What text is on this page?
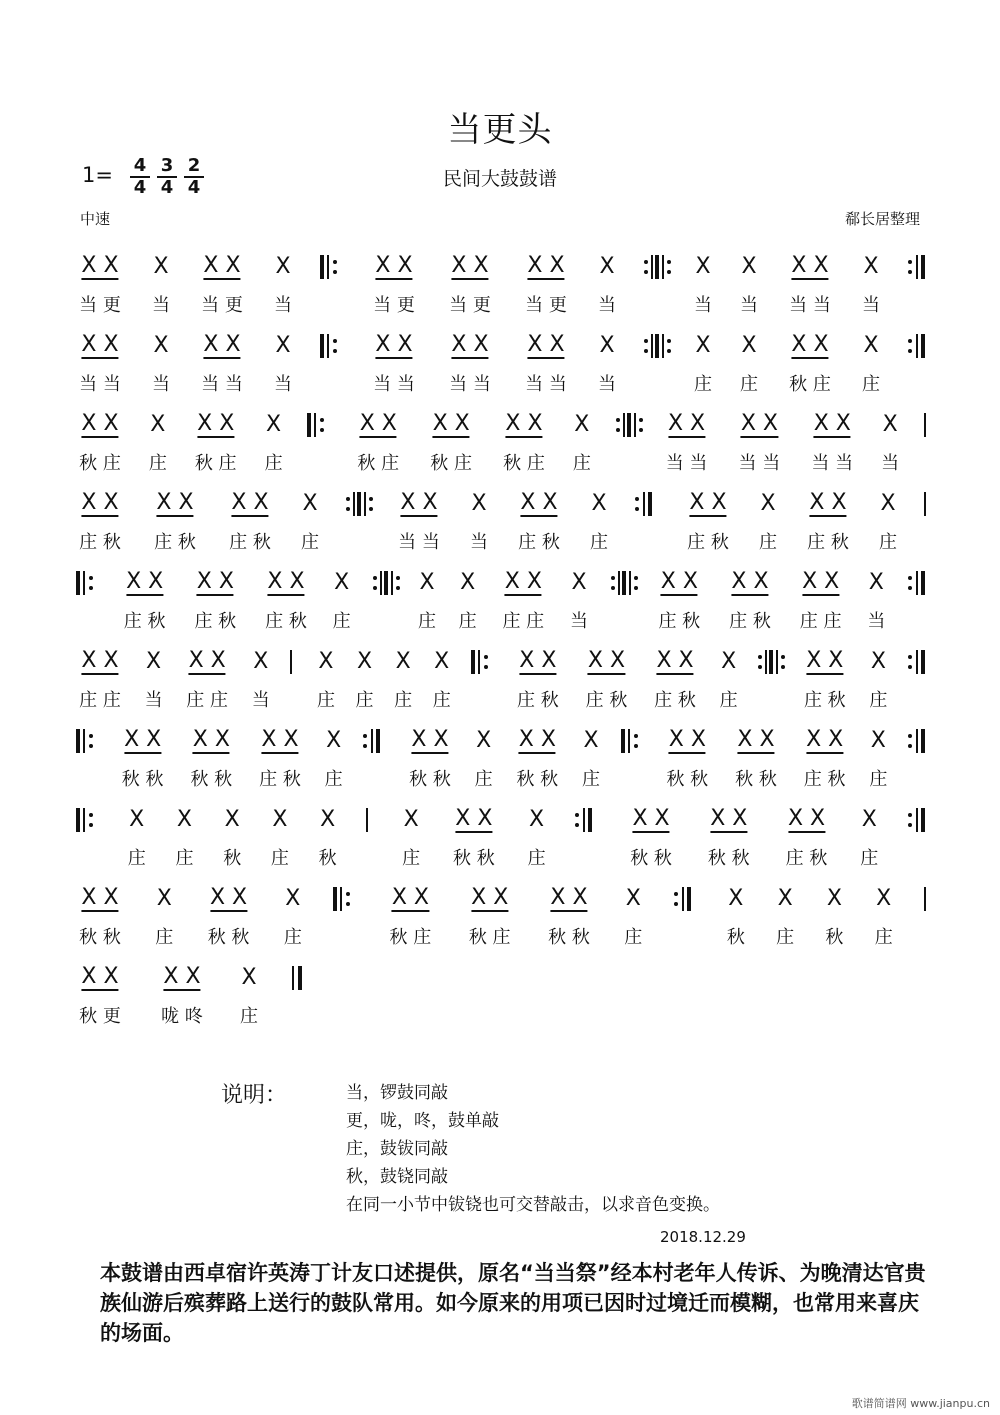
当更头
民间大鼓鼓谱
$1= \frac{4}{4} \frac{3}{4} \frac{2}{4}$
中速	郗长居整理
X X
当 更
X
当
X X
当 更
X
当
X X
当 更
X X
当 更
X X
当 更
X
当
X
当
X
当
X X
当 当
X
当
X X
当 当
X
当
X X
当 当
X
当
X X
当 当
X X
当 当
X X
当 当
X
当
X
庄
X
庄
X X
秋 庄
X
庄
X X
秋 庄
X
庄
X X
秋 庄
X
庄
X X
秋 庄
X X
秋 庄
X X
秋 庄
X
庄
X X
当 当
X X
当 当
X X
当 当
X
当
X X
庄 秋
X X
庄 秋
X X
庄 秋
X
庄
X X
当 当
X
当
X X
庄 秋
X
庄
X X
庄 秋
X
庄
X X
庄 秋
X
庄
X X
庄 秋
X X
庄 秋
X X
庄 秋
X
庄
X
庄
X
庄
X X
庄 庄
X
当
X X
庄 秋
X X
庄 秋
X X
庄 庄
X
当
X X
庄 庄
X
当
X X
庄 庄
X
当
X
庄
X
庄
X
庄
X
庄
X X
庄 秋
X X
庄 秋
X X
庄 秋
X
庄
X X
庄 秋
X
庄
X X
秋 秋
X X
秋 秋
X X
庄 秋
X
庄
X X
秋 秋
X
庄
X X
秋 秋
X
庄
X X
秋 秋
X X
秋 秋
X X
庄 秋
X
庄
X
庄
X
庄
X
秋
X
庄
X
秋
X
庄
X X
秋 秋
X
庄
X X
秋 秋
X X
秋 秋
X X
庄 秋
X
庄
X X
秋 秋
X
庄
X X
秋 秋
X
庄
X X
秋 庄
X X
秋 庄
X X
秋 秋
X
庄
X
秋
X
庄
X
秋
X
庄
X X
秋 更
X X
咙 咚
X
庄
说明：	当，锣鼓同敲
更，咙，咚，鼓单敲
庄，鼓钹同敲
秋，鼓铙同敲
在同一小节中钹铙也可交替敲击，以求音色变换。
2018.12.29
本鼓谱由西卓宿许英涛丁计友口述提供，原名“当当祭”经本村老年人传诉、为晚清达官贵族仙游后殡葬路上送行的鼓队常用。如今原来的用项已因时过境迁而模糊，也常用来喜庆的场面。
歌谱简谱网 www.jianpu.cn
